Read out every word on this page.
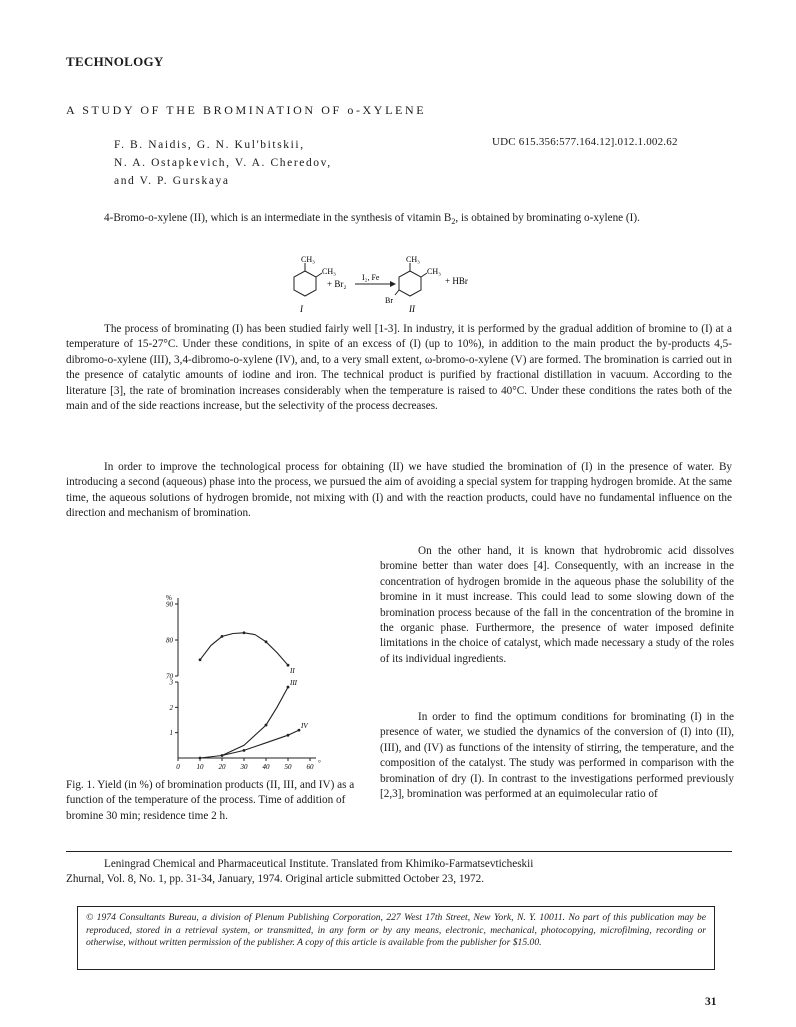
TECHNOLOGY
A STUDY OF THE BROMINATION OF o-XYLENE
F. B. Naidis, G. N. Kul'bitskii,
N. A. Ostapkevich, V. A. Cheredov,
and V. P. Gurskaya
UDC 615.356:577.164.12].012.1.002.62
4-Bromo-o-xylene (II), which is an intermediate in the synthesis of vitamin $B_2$, is obtained by brominating o-xylene (I).
CH₃
CH₃
+ Br₂
I
I₂, Fe
CH₃
CH₃
Br
II
+ HBr
The process of brominating (I) has been studied fairly well [1-3]. In industry, it is performed by the gradual addition of bromine to (I) at a temperature of 15-27°C. Under these conditions, in spite of an excess of (I) (up to 10%), in addition to the main product the by-products 4,5-dibromo-o-xylene (III), 3,4-dibromo-o-xylene (IV), and, to a very small extent, ω-bromo-o-xylene (V) are formed. The bromination is carried out in the presence of catalytic amounts of iodine and iron. The technical product is purified by fractional distillation in vacuum. According to the literature [3], the rate of bromination increases considerably when the temperature is raised to 40°C. Under these conditions the rates both of the main and of the side reactions increase, but the selectivity of the process decreases.
In order to improve the technological process for obtaining (II) we have studied the bromination of (I) in the presence of water. By introducing a second (aqueous) phase into the process, we pursued the aim of avoiding a special system for trapping hydrogen bromide. At the same time, the aqueous solutions of hydrogen bromide, not mixing with (I) and with the reaction products, could have no fundamental influence on the direction and mechanism of bromination.
%
70
80
90
1
2
3
0 10 20 30 40 50 60 °
II
III
IV
Fig. 1. Yield (in %) of bromination products (II, III, and IV) as a function of the temperature of the process. Time of addition of bromine 30 min; residence time 2 h.
On the other hand, it is known that hydrobromic acid dissolves bromine better than water does [4]. Consequently, with an increase in the concentration of hydrogen bromide in the aqueous phase the solubility of the bromine in it must increase. This could lead to some slowing down of the bromination process because of the fall in the concentration of the bromine in the organic phase. Furthermore, the presence of water imposed definite limitations in the choice of catalyst, which made necessary a study of the roles of its individual ingredients.
In order to find the optimum conditions for brominating (I) in the presence of water, we studied the dynamics of the conversion of (I) into (II), (III), and (IV) as functions of the intensity of stirring, the temperature, and the composition of the catalyst. The study was performed in comparison with the bromination of dry (I). In contrast to the investigations performed previously [2,3], bromination was performed at an equimolecular ratio of
Leningrad Chemical and Pharmaceutical Institute. Translated from Khimiko-Farmatsevticheskii
Zhurnal, Vol. 8, No. 1, pp. 31-34, January, 1974. Original article submitted October 23, 1972.
© 1974 Consultants Bureau, a division of Plenum Publishing Corporation, 227 West 17th Street, New York, N. Y. 10011. No part of this publication may be reproduced, stored in a retrieval system, or transmitted, in any form or by any means, electronic, mechanical, photocopying, microfilming, recording or otherwise, without written permission of the publisher. A copy of this article is available from the publisher for $15.00.
31
